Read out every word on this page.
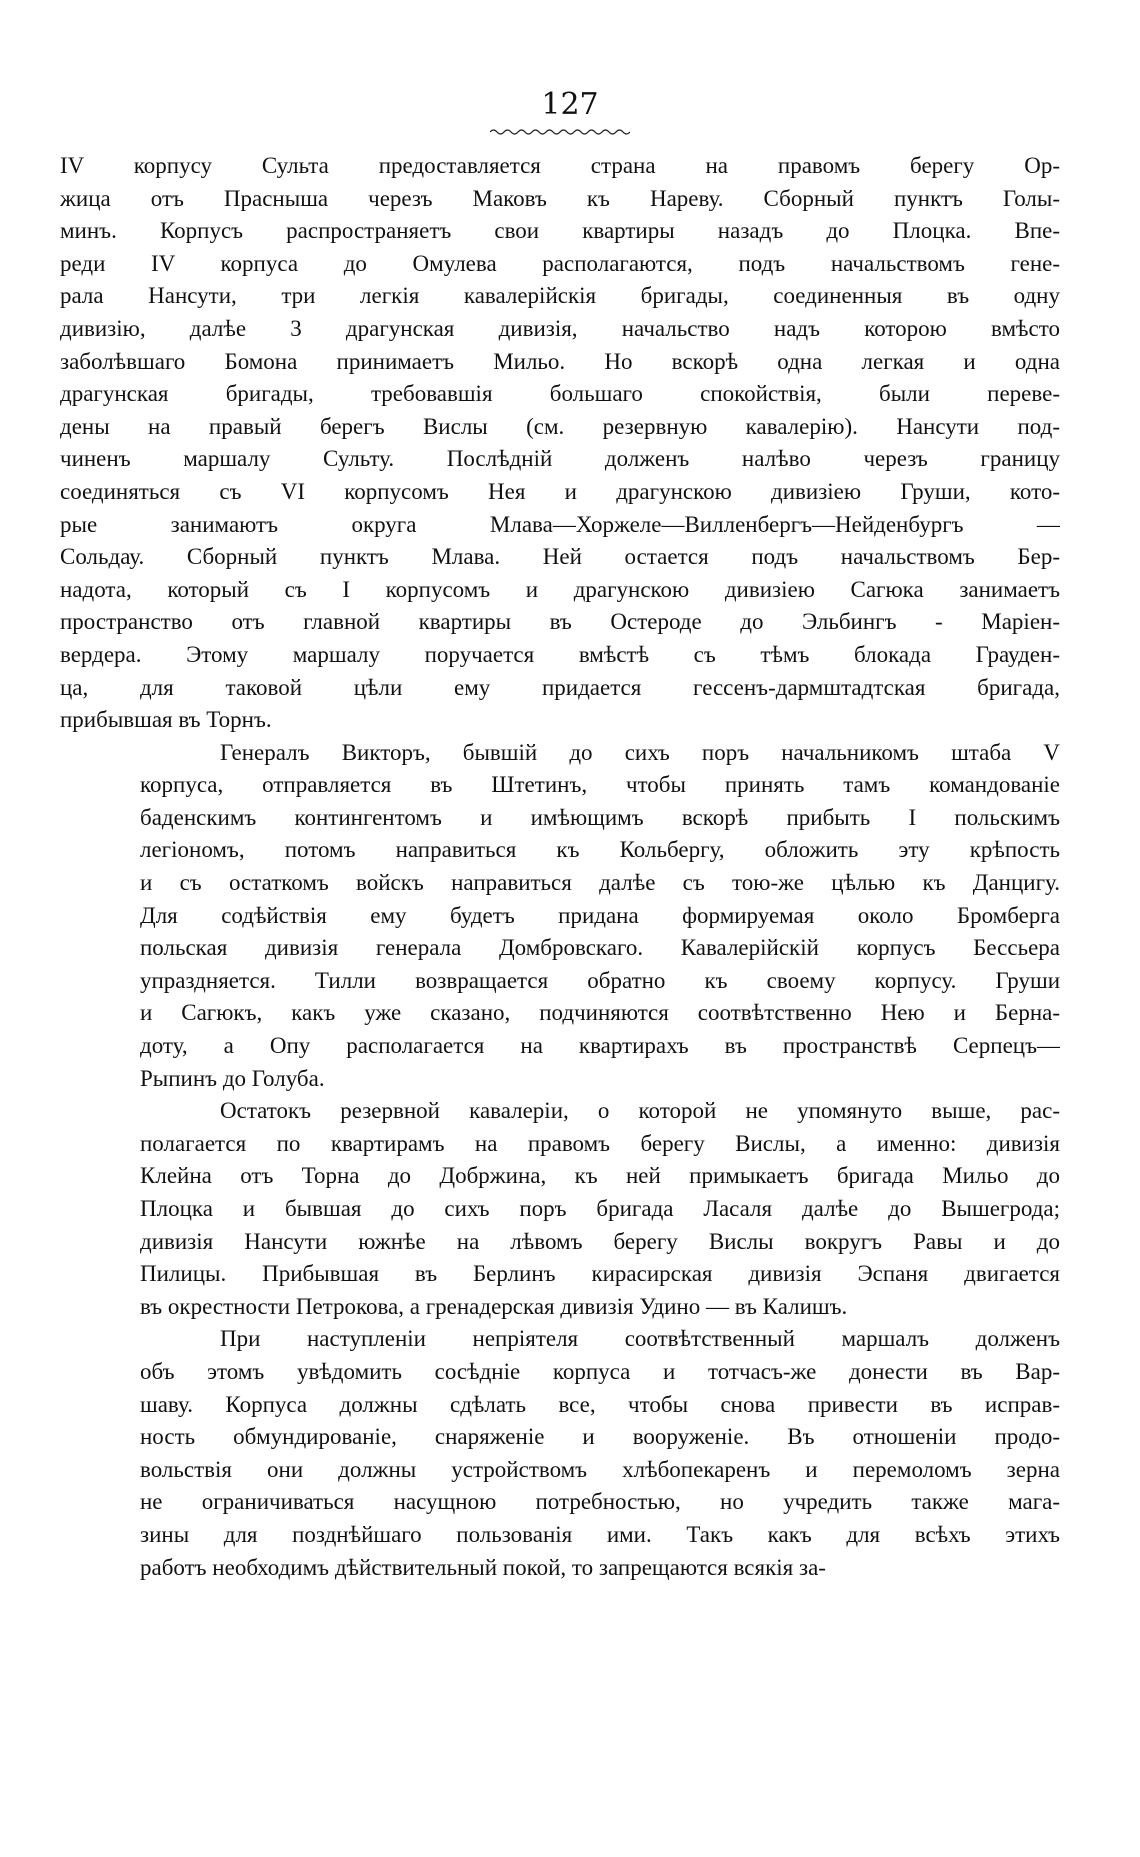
127
IV корпусу Сульта предоставляется страна на правомъ берегу Ор-
жица отъ Прасныша черезъ Маковъ къ Нареву. Сборный пунктъ Голы-
минъ. Корпусъ распространяетъ свои квартиры назадъ до Плоцка. Впе-
реди IV корпуса до Омулева располагаются, подъ начальствомъ гене-
рала Нансути, три легкія кавалерійскія бригады, соединенныя въ одну
дивизію, далѣе 3 драгунская дивизія, начальство надъ которою вмѣсто
заболѣвшаго Бомона принимаетъ Мильо. Но вскорѣ одна легкая и одна
драгунская бригады, требовавшія большаго спокойствія, были переве-
дены на правый берегъ Вислы (см. резервную кавалерію). Нансути под-
чиненъ маршалу Сульту. Послѣдній долженъ налѣво черезъ границу
соединяться съ VI корпусомъ Нея и драгунскою дивизіею Груши, кото-
рые занимаютъ округа Млава—Хоржеле—Вилленбергъ—Нейденбургъ —
Сольдау. Сборный пунктъ Млава. Ней остается подъ начальствомъ Бер-
надота, который съ I корпусомъ и драгунскою дивизіею Сагюка занимаетъ
пространство отъ главной квартиры въ Остероде до Эльбингъ - Маріен-
вердера. Этому маршалу поручается вмѣстѣ съ тѣмъ блокада Грауден-
ца, для таковой цѣли ему придается гессенъ-дармштадтская бригада,
прибывшая въ Торнъ.
Генералъ Викторъ, бывшій до сихъ поръ начальникомъ штаба V
корпуса, отправляется въ Штетинъ, чтобы принять тамъ командованіе
баденскимъ контингентомъ и имѣющимъ вскорѣ прибыть I польскимъ
легіономъ, потомъ направиться къ Кольбергу, обложить эту крѣпость
и съ остаткомъ войскъ направиться далѣе съ тою-же цѣлью къ Данцигу.
Для содѣйствія ему будетъ придана формируемая около Бромберга
польская дивизія генерала Домбровскаго. Кавалерійскій корпусъ Бессьера
упраздняется. Тилли возвращается обратно къ своему корпусу. Груши
и Сагюкъ, какъ уже сказано, подчиняются соотвѣтственно Нею и Берна-
доту, а Опу располагается на квартирахъ въ пространствѣ Серпецъ—
Рыпинъ до Голуба.
Остатокъ резервной кавалеріи, о которой не упомянуто выше, рас-
полагается по квартирамъ на правомъ берегу Вислы, а именно: дивизія
Клейна отъ Торна до Добржина, къ ней примыкаетъ бригада Мильо до
Плоцка и бывшая до сихъ поръ бригада Ласаля далѣе до Вышегрода;
дивизія Нансути южнѣе на лѣвомъ берегу Вислы вокругъ Равы и до
Пилицы. Прибывшая въ Берлинъ кирасирская дивизія Эспаня двигается
въ окрестности Петрокова, а гренадерская дивизія Удино — въ Калишъ.
При наступленіи непріятеля соотвѣтственный маршалъ долженъ
объ этомъ увѣдомить сосѣдніе корпуса и тотчасъ-же донести въ Вар-
шаву. Корпуса должны сдѣлать все, чтобы снова привести въ исправ-
ность обмундированіе, снаряженіе и вооруженіе. Въ отношеніи продо-
вольствія они должны устройствомъ хлѣбопекаренъ и перемоломъ зерна
не ограничиваться насущною потребностью, но учредить также мага-
зины для позднѣйшаго пользованія ими. Такъ какъ для всѣхъ этихъ
работъ необходимъ дѣйствительный покой, то запрещаются всякія за-
